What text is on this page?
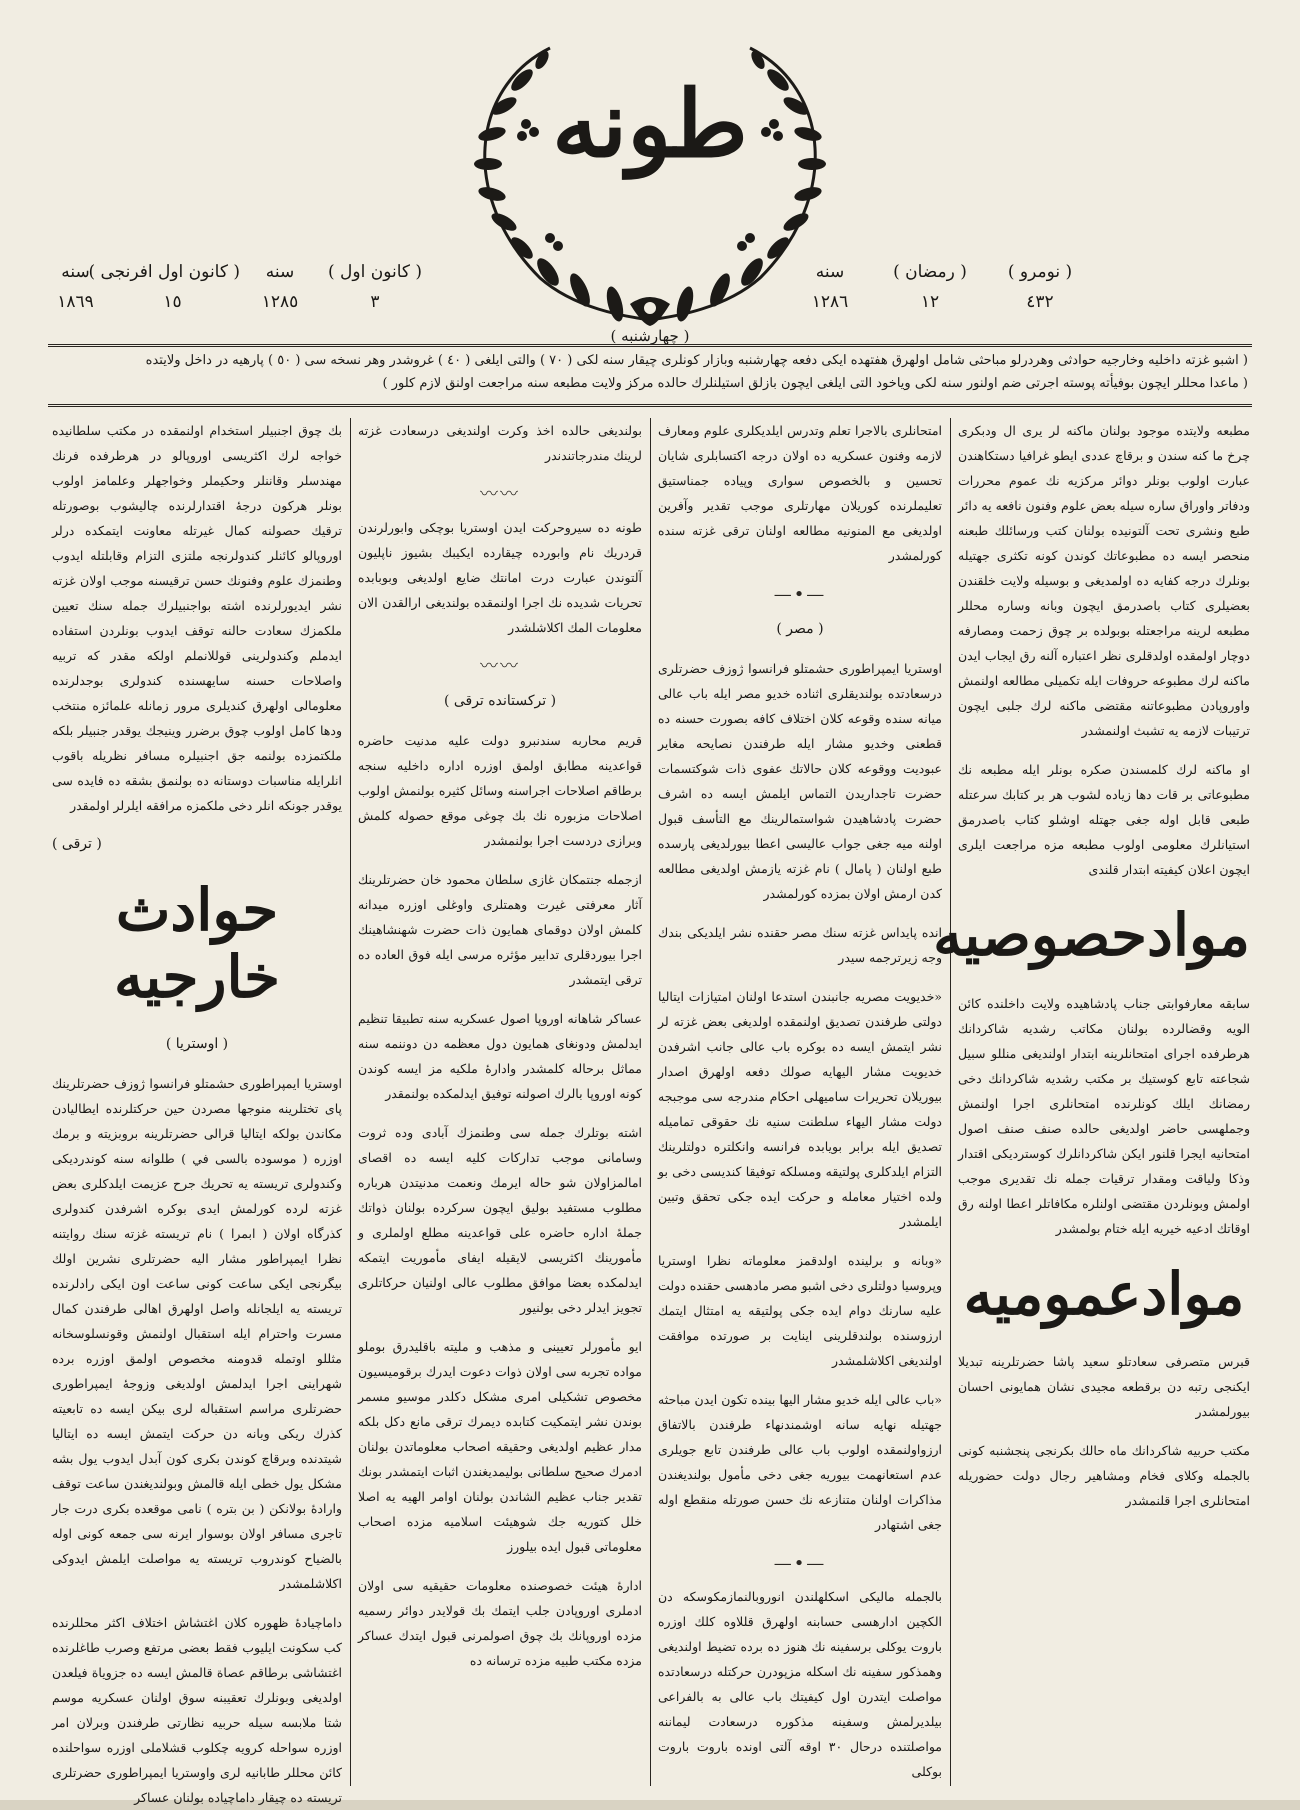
طونه
( نومرو )
٤٣٢
( رمضان )
١٢
سنه
١٢٨٦
( كانون اول )
٣
سنه
١٢٨٥
( كانون اول افرنجى )
١٥
سنه
١٨٦٩
( چهارشنبه )
( اشبو غزته داخليه وخارجيه حوادثى وهردرلو مباحثى شامل اولهرق هفتهده ايكى دفعه چهارشنبه وبازار كونلرى چيقار سنه لكى ( ٧٠ ) والتى ايلغى ( ٤٠ ) غروشدر وهر نسخه سى ( ٥٠ ) پارهيه در داخل ولايتده
( ماعدا محللر ايچون بوفيأته پوسته اجرتى ضم اولنور سنه لكى وياخود التى ايلغى ايچون بازلق استيلنلرك حالده مركز ولايت مطبعه سنه مراجعت اولنق لازم كلور )
مطبعه ولايتده موجود بولنان ماكنه لر يرى ال ودبكرى چرخ ما كنه سندن و برقاچ عددى ايطو غرافيا دستكاهندن عبارت اولوب بونلر دوائر مركزيه نك عموم محررات ودفاتر واوراق ساره سيله بعض علوم وفنون نافعه يه دائر طبع ونشرى تحت آلتونيده بولنان كتب ورسائلك طبعنه منحصر ايسه ده مطبوعاتك كوندن كونه تكثرى جهتيله بونلرك درجه كفايه ده اولمديغى و بوسيله ولايت خلقندن بعضيلرى كتاب باصدرمق ايچون وبانه وساره محللر مطبعه لرينه مراجعتله بوبولده بر چوق زحمت ومصارفه دوچار اولمقده اولدقلرى نظر اعتباره آلنه رق ايجاب ايدن ماكنه لرك مطبوعه حروفات ايله تكميلى مطالعه اولنمش واوروپادن مطبوعاتنه مقتضى ماكنه لرك جلبى ايچون ترتيبات لازمه يه تشبث اولنمشدر
او ماكنه لرك كلمسندن صكره بونلر ايله مطبعه نك مطبوعاتى بر قات دها زياده لشوب هر بر كتابك سرعتله طبعى قابل اوله جغى جهتله اوشلو كتاب باصدرمق استيانلرك معلومى اولوب مطبعه مزه مراجعت ايلرى ايچون اعلان كيفيته ابتدار قلندى
موادحصوصيه
سابقه معارفوابتى جناب پادشاهيده ولايت داخلنده كائن الويه وقضالرده بولنان مكاتب رشديه شاكردانك هرطرفده اجراى امتحانلرينه ابتدار اولنديغى منللو سبيل شجاعته تابع كوستيك بر مكتب رشديه شاكردانك دخى رمضانك ايلك كونلرنده امتحانلرى اجرا اولنمش وجملهسى حاضر اولديغى حالده صنف صنف اصول امتحانيه ايجرا قلنور ايكن شاكردانلرك كوسترديكى اقتدار وذكا ولياقت ومقدار ترقيات جمله نك تقديرى موجب اولمش وبونلردن مقتضى اولنلره مكافاتلر اعطا اولنه رق اوقاتك ادعيه خيريه ايله ختام بولمشدر
موادعموميه
قبرس متصرفى سعادتلو سعيد پاشا حضرتلرينه تبديلا ايكنجى رتبه دن برقطعه مجيدى نشان همايونى احسان بيورلمشدر
مكتب حربيه شاكردانك ماه حالك بكرنجى پنجشنبه كونى بالجمله وكلاى فخام ومشاهير رجال دولت حضوريله امتحانلرى اجرا قلنمشدر
امتحانلرى بالاجرا تعلم وتدرس ايلديكلرى علوم ومعارف لازمه وفنون عسكريه ده اولان درجه اكتسابلرى شايان تحسين و بالخصوص سوارى وپياده جمناستيق تعليملرنده كوريلان مهارتلرى موجب تقدير وآفرين اولديغى مع المنونيه مطالعه اولنان ترقى غزته سنده كورلمشدر
—•—
( مصر )
اوستريا ايمپراطورى حشمتلو فرانسوا ژوزف حضرتلرى درسعادتده بولنديقلرى اثناده خديو مصر ايله باب عالى ميانه سنده وقوعه كلان اختلاف كافه بصورت حسنه ده قطعنى وخديو مشار ايله طرفندن نصايحه مغاير عبوديت ووقوعه كلان حالاتك عفوى ذات شوكتسمات حضرت تاجداريدن التماس ايلمش ايسه ده اشرف حضرت پادشاهيدن شواستمالرينك مع التأسف قبول اولنه ميه جغى جواب عاليسى اعطا بيورلديغى پارسده طبع اولنان ( پامال ) نام غزته يازمش اولديغى مطالعه كدن ارمش اولان بمزده كورلمشدر
انده پايداس غزته سنك مصر حقنده نشر ايلديكى بندك وجه زيرترجمه سيدر
«خديويت مصريه جانبندن استدعا اولنان امتيازات ايتاليا دولتى طرفندن تصديق اولنمقده اولديغى بعض غزته لر نشر ايتمش ايسه ده بوكره باب عالى جانب اشرفدن خديويت مشار اليهايه صولك دفعه اولهرق اصدار بيوريلان تحريرات ساميهلى احكام مندرجه سى موجبجه دولت مشار اليهاء سلطنت سنيه نك حقوقى تماميله تصديق ايله برابر بويابده فرانسه وانكلتره دولتلرينك التزام ايلدكلرى پولتيقه ومسلكه توفيقا كنديسى دخى بو ولده اختيار معامله و حركت ايده جكى تحقق وتبين ايلمشدر
«وبانه و برلينده اولدقمز معلوماته نظرا اوستريا وپروسيا دولتلرى دخى اشبو مصر مادهسى حقنده دولت عليه سارنك دوام ايده جكى پولتيقه يه امتثال ايتمك ارزوسنده بولندقلرينى اينايت بر صورتده موافقت اولنديغى اكلاشلمشدر
«باب عالى ايله خديو مشار اليها بينده تكون ايدن مباحثه جهتيله نهايه سانه اوشمندنهاء طرفندن بالاتفاق ارزواولنمقده اولوب باب عالى طرفندن تابع جويلرى عدم استعانهمت بيوريه جغى دخى مأمول بولنديغندن مذاكرات اولنان متنازعه نك حسن صورتله منقطع اوله جغى اشتهادر
—•—
بالجمله ماليكى اسكلهلندن انوروبالنمازمكوسكه دن الكچين ادارهسى حسابنه اولهرق قللاوه كلك اوزره باروت يوكلى برسفينه نك هنوز ده برده تضيط اولنديغى وهمذكور سفينه نك اسكله مزپودرن حركتله درسعادتده مواصلت ايتدرن اول كيفيتك باب عالى به بالفراعى بيلديرلمش وسفينه مذكوره درسعادت ليماننه مواصلتنده درحال ٣٠ اوقه آلتى اونده باروت باروت بوكلى
بولنديغى حالده اخذ وكرت اولنديغى درسعادت غزته لرينك مندرجاتندندر
〰〰
طونه ده سيروحركت ايدن اوستريا بوچكى وابورلرندن قردريك نام وابورده چيقارده ايكيبك بشيوز ناپليون آلتوندن عبارت درت امانتك ضايع اولديغى وبوبابده تحريات شديده نك اجرا اولنمقده بولنديغى ارالقدن الان معلومات المك اكلاشلشدر
〰〰
( تركستانده ترقى )
قريم محاربه سندنبرو دولت عليه مدنيت حاضره قواعدينه مطابق اولمق اوزره اداره داخليه سنجه برطاقم اصلاحات اجراسنه وسائل كثيره بولنمش اولوب اصلاحات مزبوره نك بك چوغى موقع حصوله كلمش وبرازى دردست اجرا بولنمشدر
ازجمله جنتمكان غازى سلطان محمود خان حضرتلرينك آثار معرفتى غيرت وهمتلرى واوغلى اوزره ميدانه كلمش اولان دوقماى همايون ذات حضرت شهنشاهينك اجرا بيوردقلرى تدابير مؤثره مرسى ايله فوق العاده ده ترقى ايتمشدر
عساكر شاهانه اوروپا اصول عسكريه سنه تطبيقا تنظيم ايدلمش ودونغاى همايون دول معظمه دن دوننمه سنه مماثل برحاله كلمشدر وادارهٔ ملكيه مز ايسه كوندن كونه اوروپا بالرك اصولنه توفيق ايدلمكده بولنمقدر
اشته بوتلرك جمله سى وطنمزك آبادى وده ثروت وسامانى موجب تدارکات كليه ايسه ده اقصاى امالمزاولان شو حاله ايرمك ونعمت مدنيتدن هرباره مطلوب مستفيد بوليق ايچون سركرده بولنان ذواتك جملهٔ اداره حاضره على قواعدينه مطلع اولملرى و مأمورينك اكثريسى لايقيله ايفاى مأموريت ايتمكه ايدلمكده بعضا موافق مطلوب عالى اولنيان حركاتلرى تجويز ايدلر دخى بولنيور
ايو مأمورلر تعيينى و مذهب و مليته باقليدرق بوملو مواده تجربه سى اولان ذوات دعوت ايدرك برقوميسيون مخصوص تشكيلى امرى مشكل دكلدر موسيو مسمر بوندن نشر ايتمكيت كتابده ديمرك ترقى مانع دكل بلكه مدار عظيم اولديغى وحقيقه اصحاب معلوماتدن بولنان ادمرك صحيح سلطانى بوليمديغندن اثبات ايتمشدر بونك تقدير جناب عظيم الشاندن بولنان اوامر الهيه يه اصلا خلل كتوريه جك شوهيئت اسلاميه مزده اصحاب معلوماتى قبول ايده بيلورز
ادارهٔ هيئت خصوصنده معلومات حقيقيه سى اولان ادملرى اوروپادن جلب ايتمك بك قولايدر دوائر رسميه مزده اوروپانك بك چوق اصولمرنى قبول ايتدك عساكر مزده مكتب طبيه مزده ترسانه ده
بك چوق اجنبيلر استخدام اولنمقده در مكتب سلطانيده خواجه لرك اكثريسى اوروپالو در هرطرفده فرنك مهندسلر وقاننلر وحكيملر وخواجهلر وعلمامز اولوب بونلر هركون درجهٔ اقتدارلرنده چاليشوب بوصورتله ترقيك حصولنه كمال غيرتله معاونت ايتمكده درلر اوروپالو كائنلر كندولرنجه ملتزى التزام وقابلتله ايدوب وطنمزك علوم وفنونك حسن ترقيسنه موجب اولان غزته نشر ايديورلرنده اشته بواجنبيلرك جمله سنك تعيين ملكمزك سعادت حالنه توقف ايدوب بونلردن استفاده ايدملم وكندولرينى قوللانملم اولكه مقدر كه تربيه واصلاحات حسنه سايهسنده كندولرى بوجدلرنده معلومالى اولهرق كنديلرى مرور زمانله علمائزه منتخب ودها كامل اولوب چوق برضرر وينيجك يوقدر جنبيلر بلكه ملكتمزده بولنمه جق اجنبيلره مسافر نظريله باقوب انلرايله مناسبات دوستانه ده بولنمق بشقه ده فايده سى يوقدر جونكه انلر دخى ملكمزه مرافقه ايلرلر اولمقدر
( ترقى )
حوادث خارجيه
( اوستريا )
اوستريا ايمپراطورى حشمتلو فرانسوا ژوزف حضرتلرينك پاى تختلرينه منوجها مصردن حين حركتلرنده ايطاليادن مكاندن بولكه ايتاليا قرالى حضرتلرينه بروبزيته و برمك اوزره ( موسوده بالسى في ) طلوانه سنه كوندرديكى وكندولرى تريسته يه تحريك جرح عزيمت ايلدكلرى بعض غزته لرده كورلمش ايدى بوكره اشرفدن كندولرى كذرگاه اولان ( ابمرا ) نام تريسته غزته سنك روايتنه نظرا ايمپراطور مشار اليه حضرتلرى نشرين اولك بيگرنجى ايكى ساعت كونى ساعت اون ايكى رادلرنده تريسته يه ايلجانله واصل اولهرق اهالى طرفندن كمال مسرت واحترام ايله استقبال اولنمش وقونسلوسخانه مثللو اوتمله قدومنه مخصوص اولمق اوزره برده شهراينى اجرا ايدلمش اولديغى وزوجهٔ ايمپراطورى حضرتلرى مراسم استقباله لرى بيكن ايسه ده تابعيته كذرك ريكى وبانه دن حركت ايتمش ايسه ده ايتاليا شيتدنده وبرقاچ كوندن بكرى كون آبدل ايدوب يول بشه مشكل يول خطى ايله قالمش وبولنديغندن ساعت توقف وارادهٔ بولانكن ( بن بتره ) نامى موقعده بكرى درت جار تاجرى مسافر اولان بوسوار ايرنه سى جمعه كونى اوله بالضياح كوندروب تريسته يه مواصلت ايلمش ايدوكى اكلاشلمشدر
داماچيادهٔ ظهوره كلان اغتشاش اختلاف اكثر محللرنده كب سكونت ايليوب فقط بعضى مرتفع وصرب طاغلرنده اغتشاشى برطاقم عصاة قالمش ايسه ده جزوياة فيلعدن اولديغى وبونلرك تعقيبنه سوق اولنان عسكريه موسم شتا ملابسه سيله حربيه نظارتى طرفندن وبرلان امر اوزره سواحله كرويه چكلوب قشلاملى اوزره سواحلنده كائن محللر طابانيه لرى واوستريا ايمپراطورى حضرتلرى تريسته ده چيقار داماچياده بولنان عساكر
